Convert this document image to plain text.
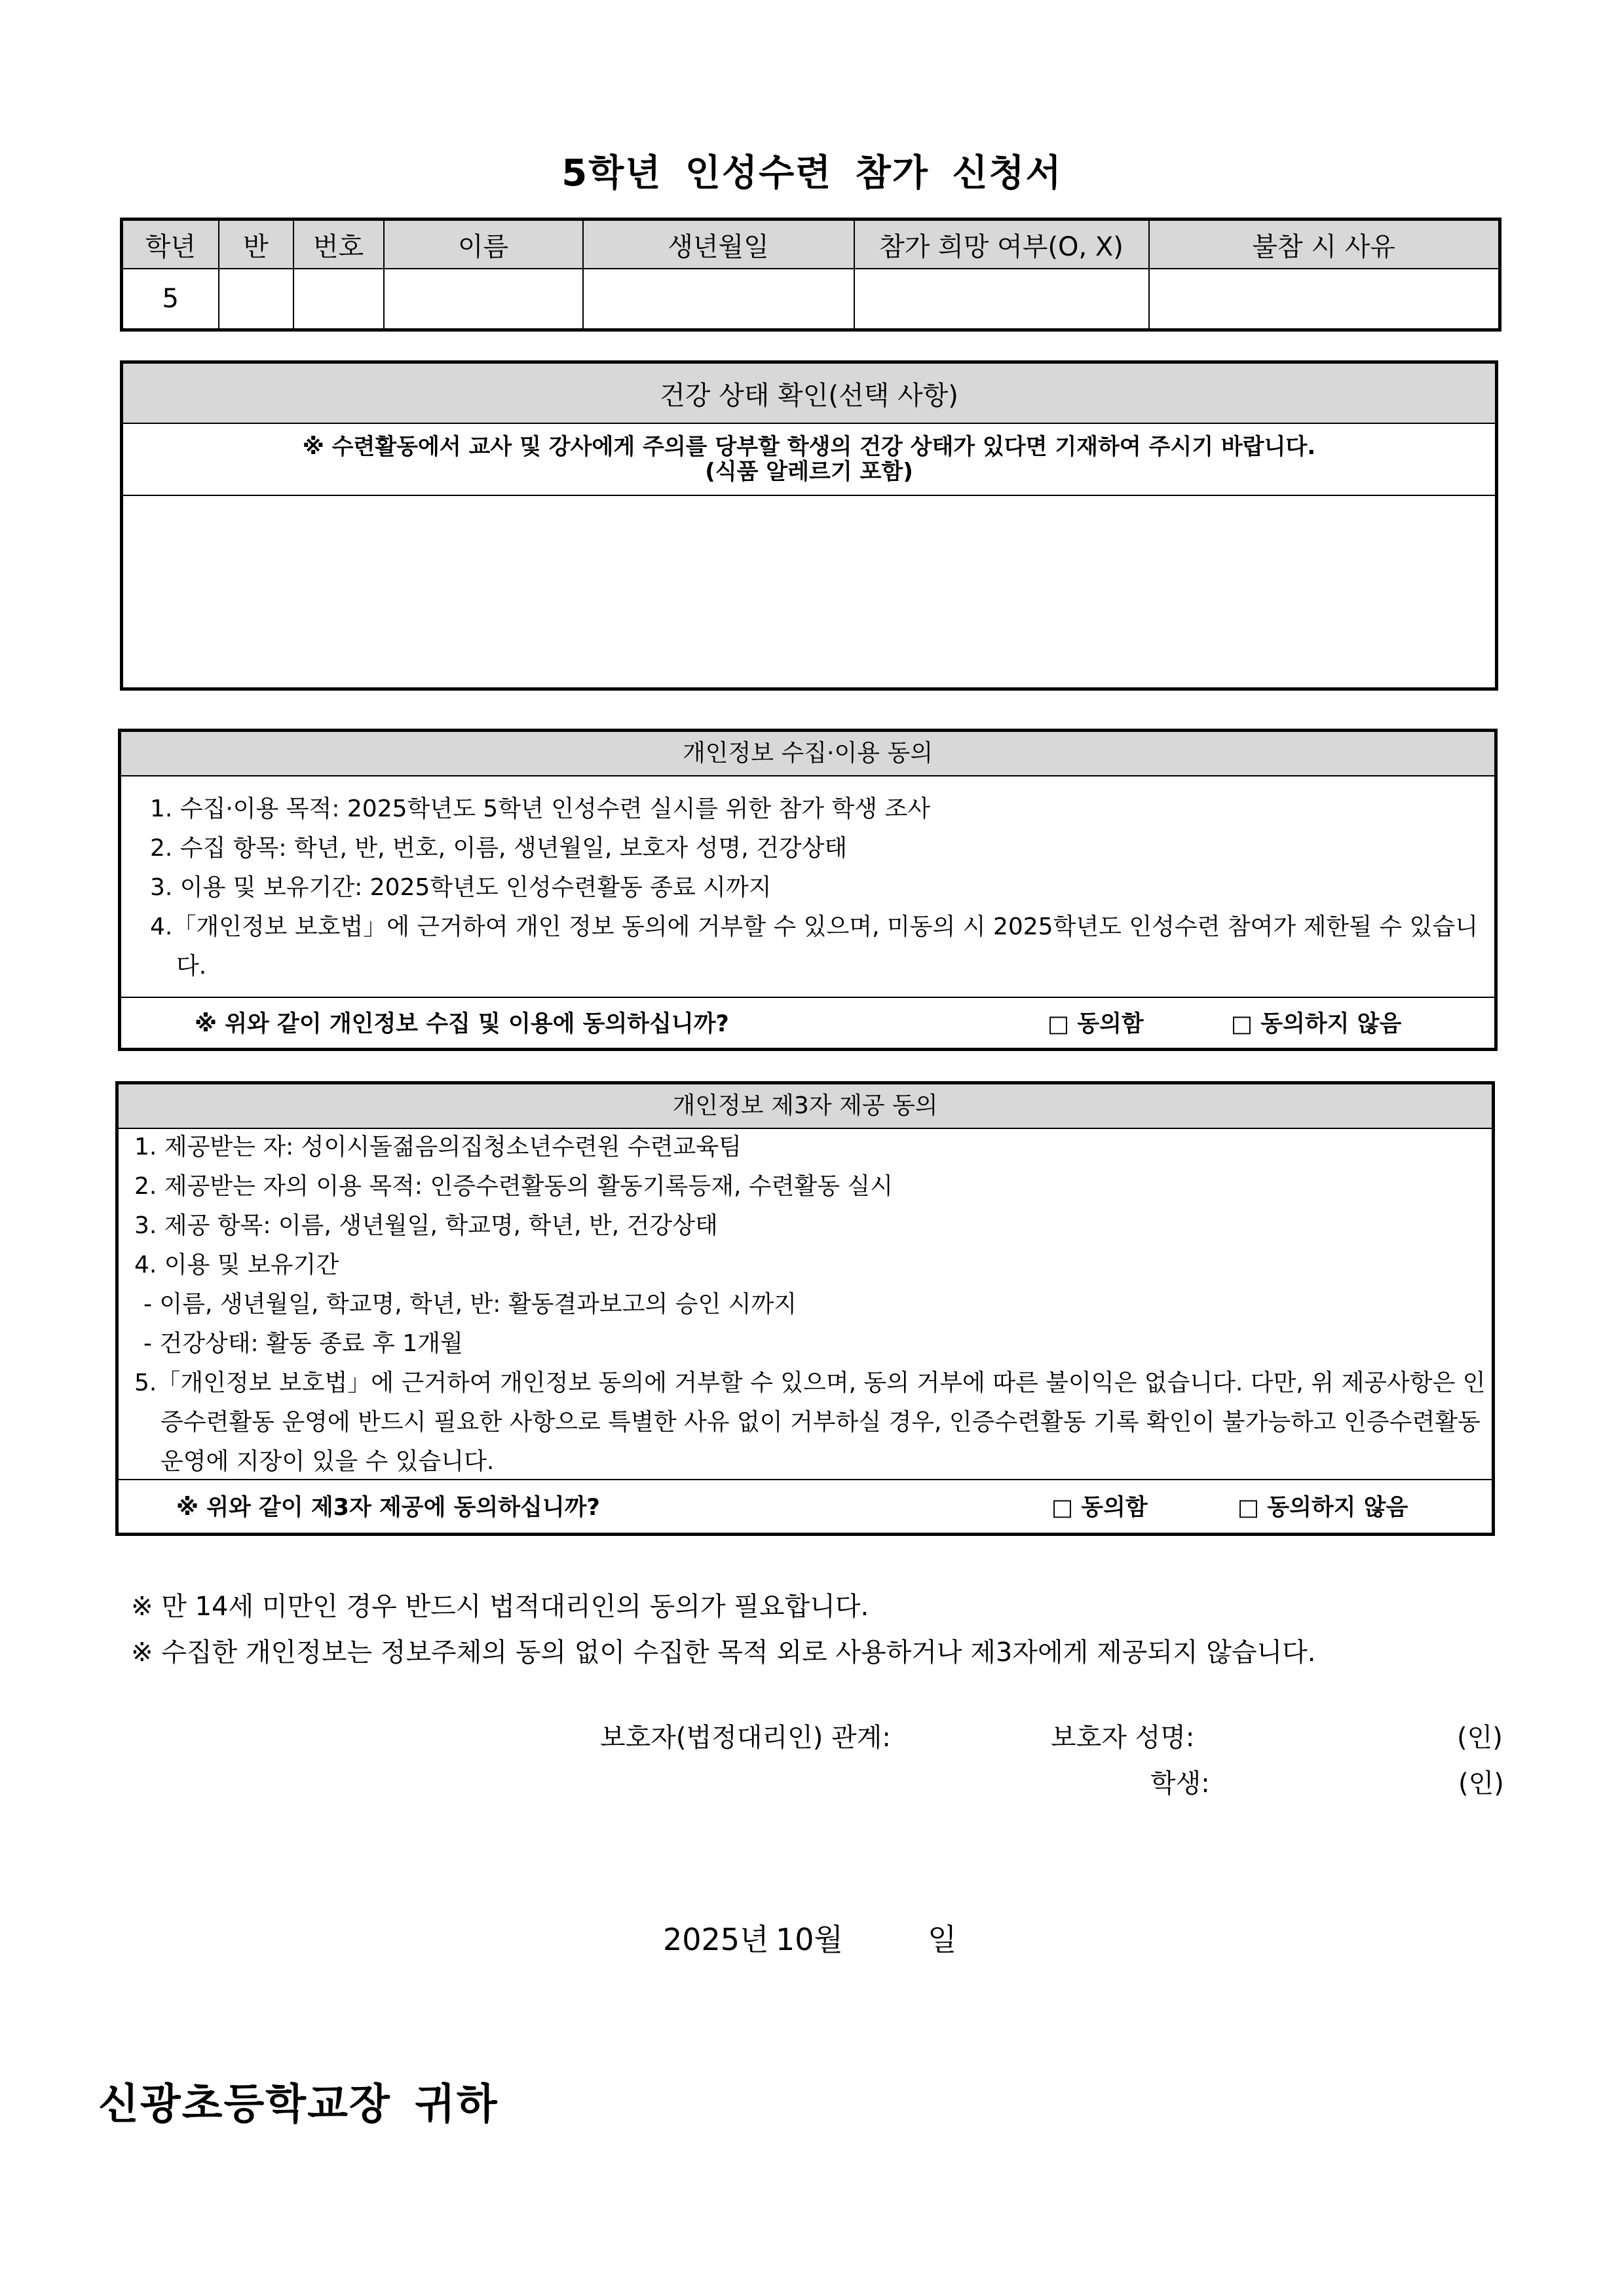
5학년 인성수련 참가 신청서
학년	반	번호	이름	생년월일	참가 희망 여부(O, X)	불참 시 사유
5						
건강 상태 확인(선택 사항)

※ 수련활동에서 교사 및 강사에게 주의를 당부할 학생의 건강 상태가 있다면 기재하여 주시기 바랍니다.
(식품 알레르기 포함)

개인정보 수집·이용 동의
1. 수집·이용 목적: 2025학년도 5학년 인성수련 실시를 위한 참가 학생 조사
2. 수집 항목: 학년, 반, 번호, 이름, 생년월일, 보호자 성명, 건강상태
3. 이용 및 보유기간: 2025학년도 인성수련활동 종료 시까지
4.「개인정보 보호법」에 근거하여 개인 정보 동의에 거부할 수 있으며, 미동의 시 2025학년도 인성수련 참여가 제한될 수 있습니다.
※ 위와 같이 개인정보 수집 및 이용에 동의하십니까?	□ 동의함	□ 동의하지 않음
개인정보 제3자 제공 동의
1. 제공받는 자: 성이시돌젊음의집청소년수련원 수련교육팀
2. 제공받는 자의 이용 목적: 인증수련활동의 활동기록등재, 수련활동 실시
3. 제공 항목: 이름, 생년월일, 학교명, 학년, 반, 건강상태
4. 이용 및 보유기간
- 이름, 생년월일, 학교명, 학년, 반: 활동결과보고의 승인 시까지
- 건강상태: 활동 종료 후 1개월
5.「개인정보 보호법」에 근거하여 개인정보 동의에 거부할 수 있으며, 동의 거부에 따른 불이익은 없습니다. 다만, 위 제공사항은 인증수련활동 운영에 반드시 필요한 사항으로 특별한 사유 없이 거부하실 경우, 인증수련활동 기록 확인이 불가능하고 인증수련활동 운영에 지장이 있을 수 있습니다.
※ 위와 같이 제3자 제공에 동의하십니까?	□ 동의함	□ 동의하지 않음
※ 만 14세 미만인 경우 반드시 법적대리인의 동의가 필요합니다.
※ 수집한 개인정보는 정보주체의 동의 없이 수집한 목적 외로 사용하거나 제3자에게 제공되지 않습니다.
보호자(법정대리인) 관계:	보호자 성명:	(인)
학생:	(인)
2025년 10월	일
신광초등학교장 귀하
